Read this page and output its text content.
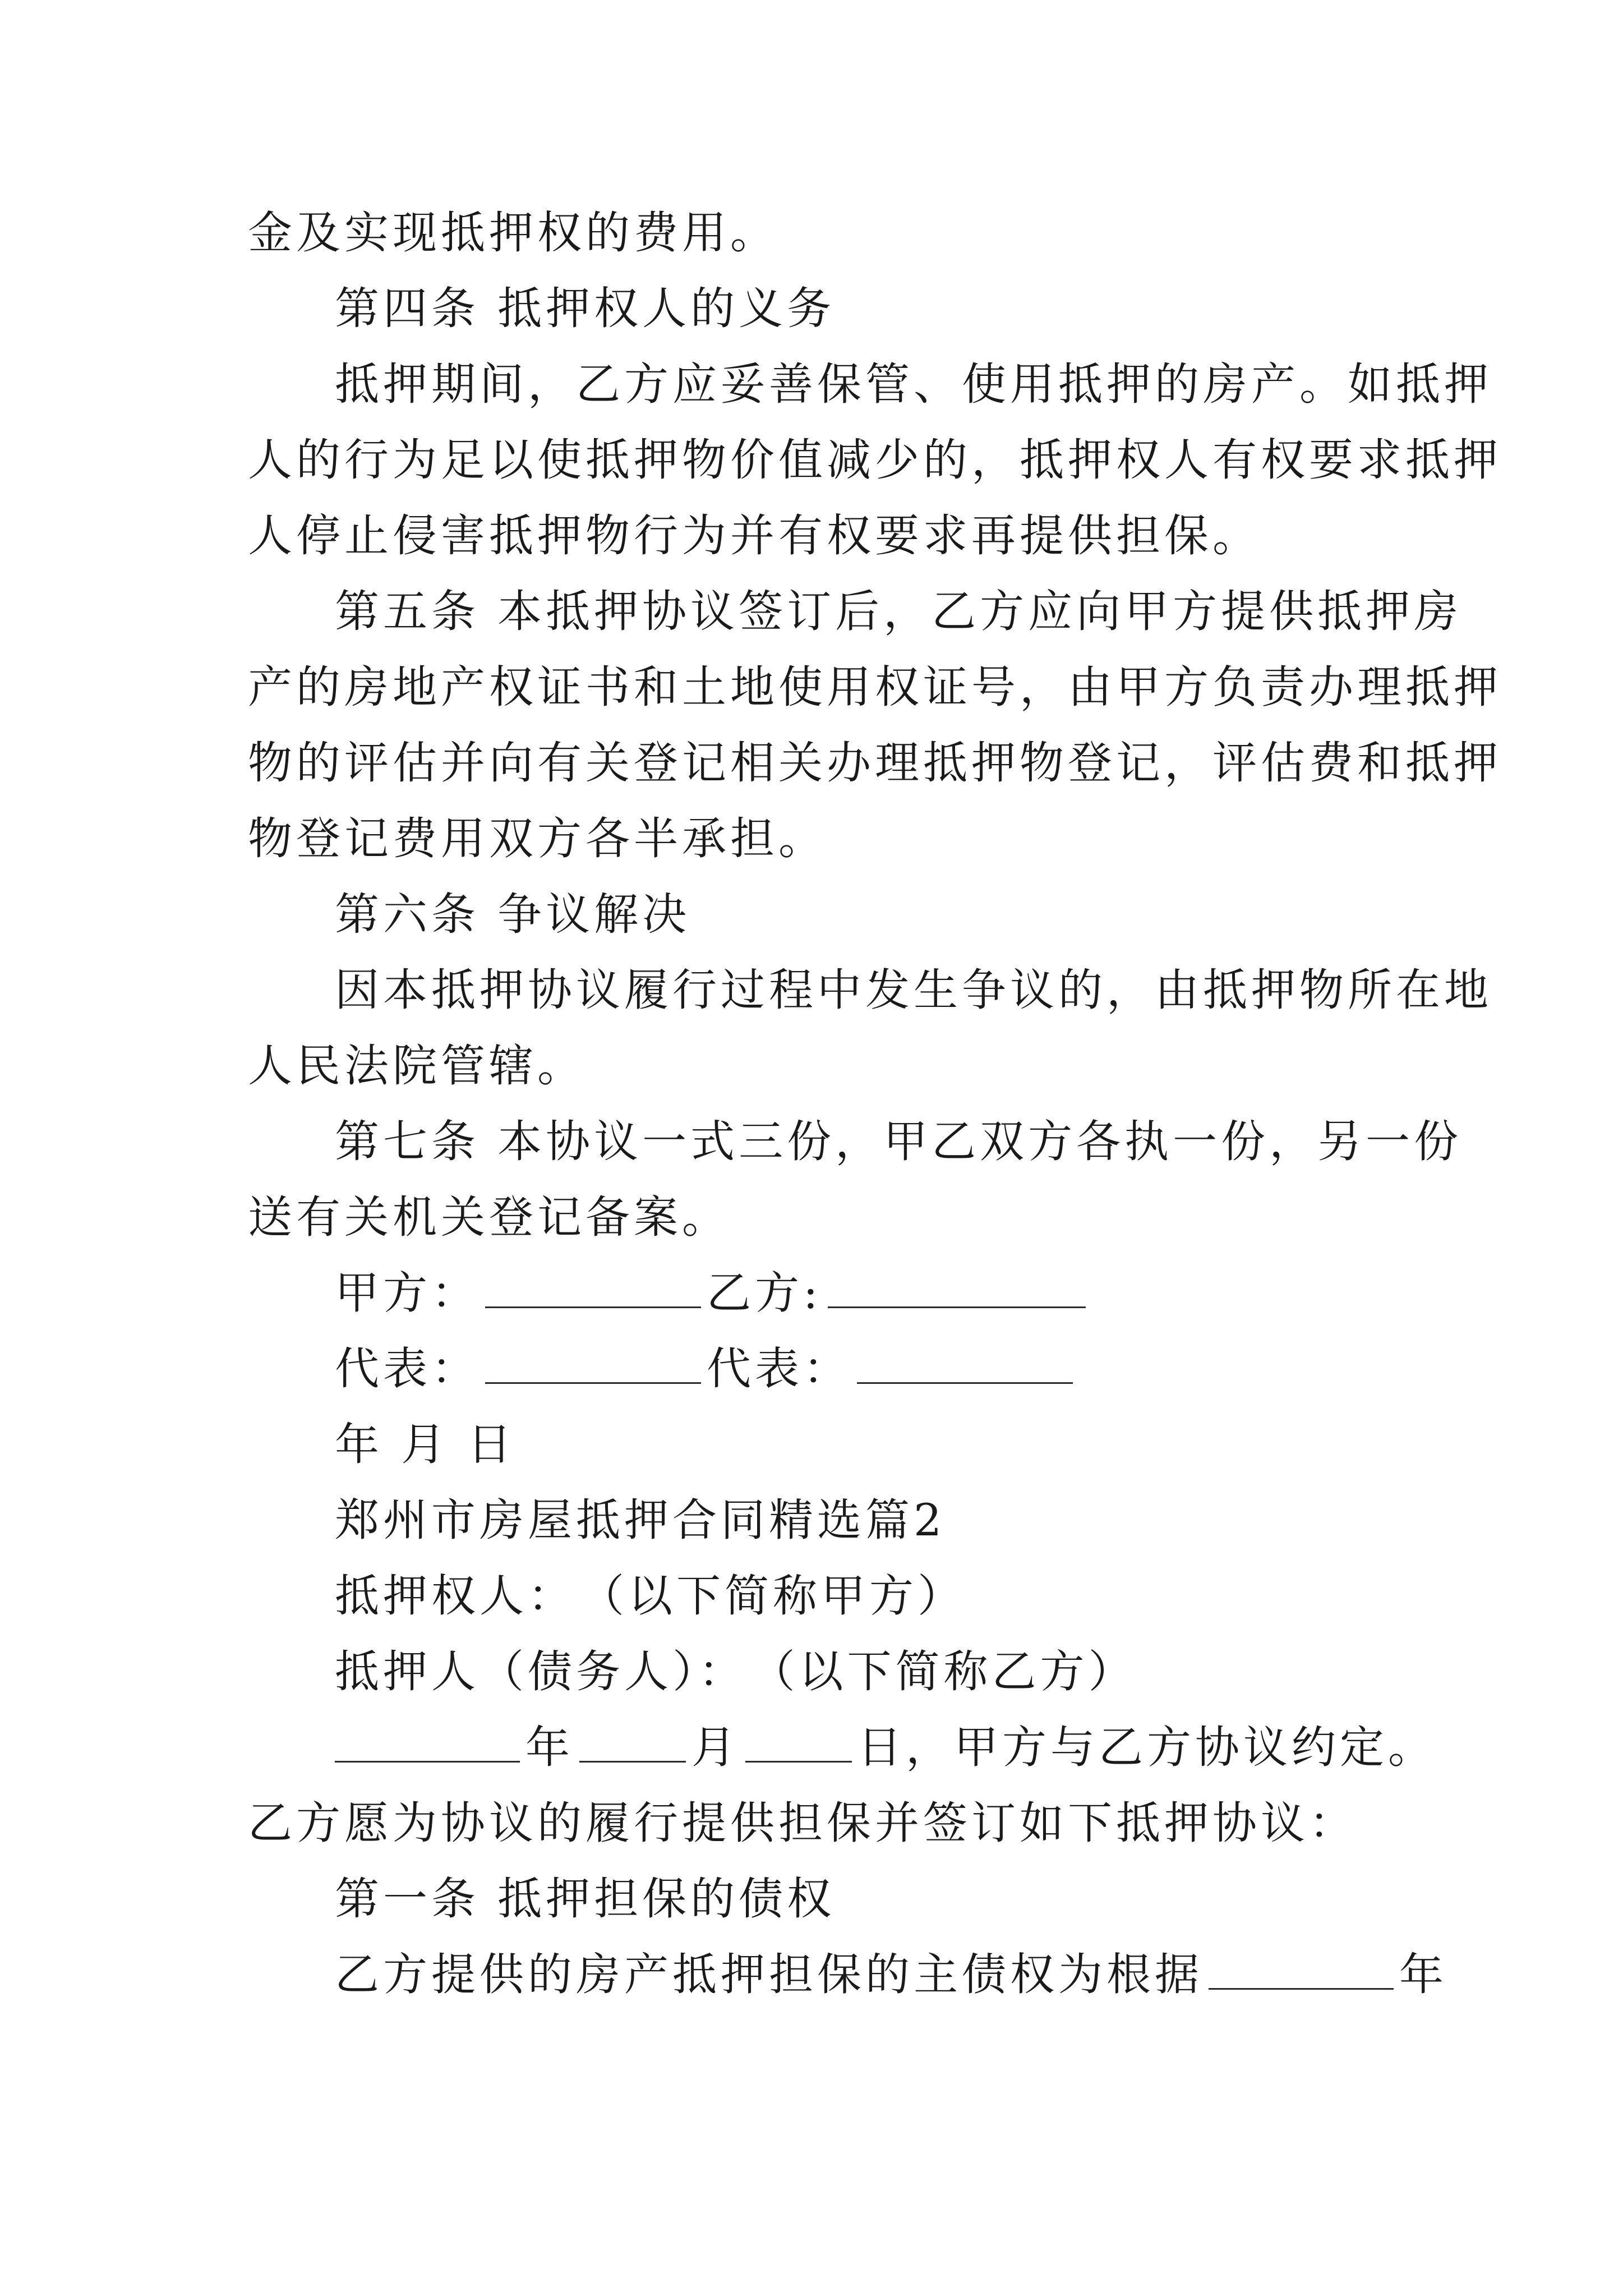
金及实现抵押权的费用。
第四条 抵押权人的义务
抵押期间，乙方应妥善保管、使用抵押的房产。如抵押
人的行为足以使抵押物价值减少的，抵押权人有权要求抵押
人停止侵害抵押物行为并有权要求再提供担保。
第五条 本抵押协议签订后，乙方应向甲方提供抵押房
产的房地产权证书和土地使用权证号，由甲方负责办理抵押
物的评估并向有关登记相关办理抵押物登记，评估费和抵押
物登记费用双方各半承担。
第六条 争议解决
因本抵押协议履行过程中发生争议的，由抵押物所在地
人民法院管辖。
第七条 本协议一式三份，甲乙双方各执一份，另一份
送有关机关登记备案。
甲方：	乙方:
代表：	代表：
年 月 日
郑州市房屋抵押合同精选篇2
抵押权人：　（以下简称甲方）
抵押人（债务人）：　（以下简称乙方）
年	月	日，甲方与乙方协议约定。
乙方愿为协议的履行提供担保并签订如下抵押协议：
第一条 抵押担保的债权
乙方提供的房产抵押担保的主债权为根据	年
